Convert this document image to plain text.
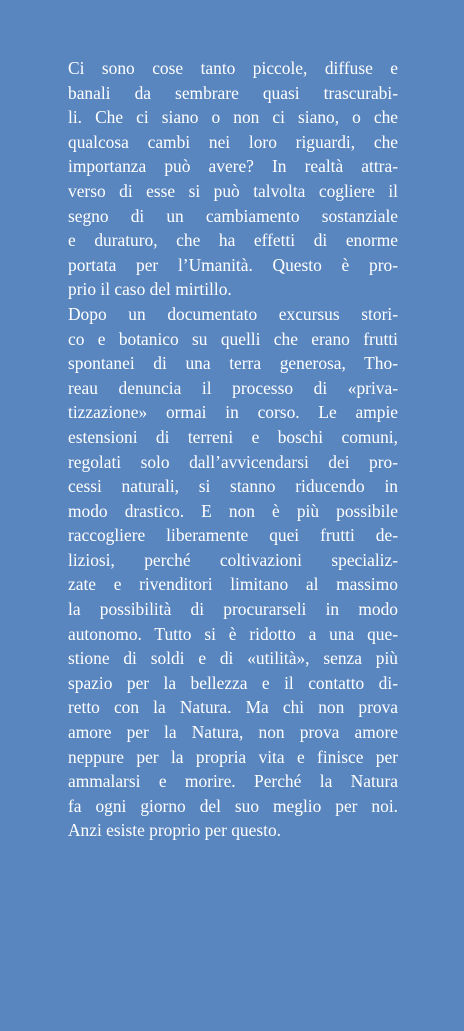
Ci sono cose tanto piccole, diffuse e
banali da sembrare quasi trascurabi-
li. Che ci siano o non ci siano, o che
qualcosa cambi nei loro riguardi, che
importanza può avere? In realtà attra-
verso di esse si può talvolta cogliere il
segno di un cambiamento sostanziale
e duraturo, che ha effetti di enorme
portata per l’Umanità. Questo è pro-
prio il caso del mirtillo.
Dopo un documentato excursus stori-
co e botanico su quelli che erano frutti
spontanei di una terra generosa, Tho-
reau denuncia il processo di «priva-
tizzazione» ormai in corso. Le ampie
estensioni di terreni e boschi comuni,
regolati solo dall’avvicendarsi dei pro-
cessi naturali, si stanno riducendo in
modo drastico. E non è più possibile
raccogliere liberamente quei frutti de-
liziosi, perché coltivazioni specializ-
zate e rivenditori limitano al massimo
la possibilità di procurarseli in modo
autonomo. Tutto si è ridotto a una que-
stione di soldi e di «utilità», senza più
spazio per la bellezza e il contatto di-
retto con la Natura. Ma chi non prova
amore per la Natura, non prova amore
neppure per la propria vita e finisce per
ammalarsi e morire. Perché la Natura
fa ogni giorno del suo meglio per noi.
Anzi esiste proprio per questo.
